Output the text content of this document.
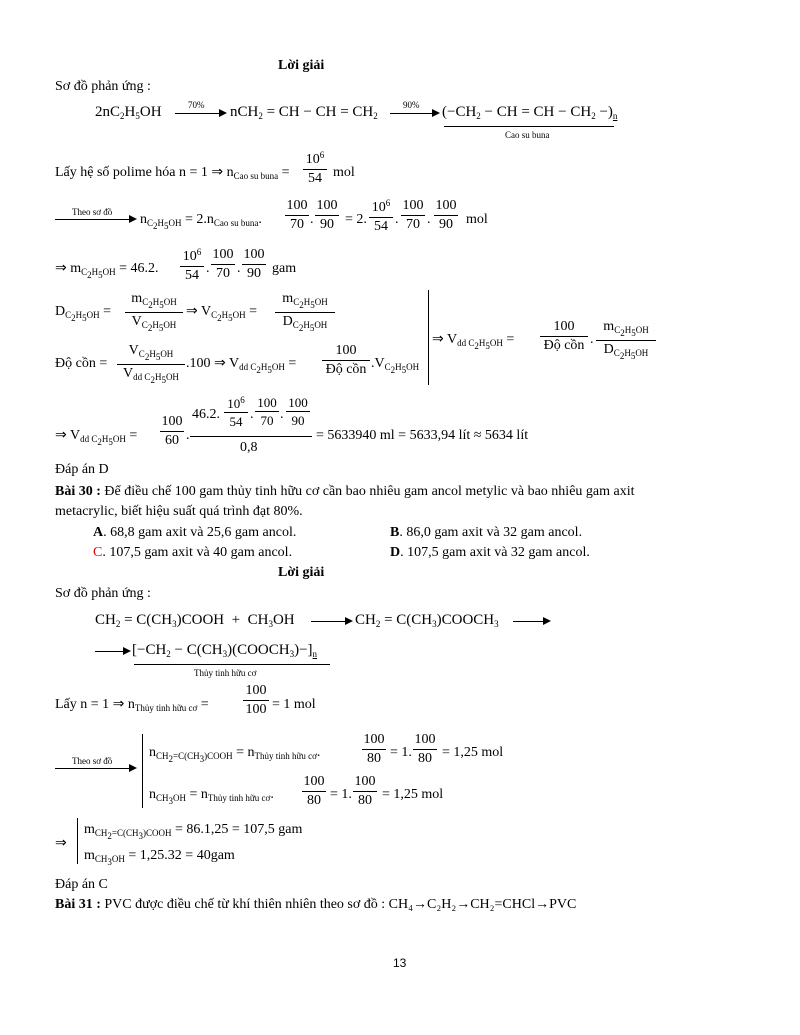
Lời giải
Sơ đồ phản ứng :
$2nC_2H_5OH$	70% nCH$_2$ = CH − CH = $CH_2$
90% ($-CH_2$ − CH = CH − $CH_2 -)_n$
Cao su buna
Lấy hệ số polime hóa n = 1 ⇒ $n_{Cao su buna} = \frac{10^6}{54}$ mol
Theo sơ đồ $n_{C_2H_5OH} = 2.n_{Cao su buna}$. $\frac{100}{70}$ . $\frac{100}{90} = 2$. $\frac{10^6}{54}$ . $\frac{100}{70}$ . $\frac{100}{90}$ mol
⇒ $m_{C_2H_5OH} = 46.2$. $\frac{10^6}{54}$ . $\frac{100}{70}$ . $\frac{100}{90}$ gam
$D_{C_2H_5OH} = \frac{m_{C_2H_5OH}}{V_{C_2H_5OH}}$ ⇒ $V_{C_2H_5OH} = \frac{m_{C_2H_5OH}}{D_{C_2H_5OH}}$
Độ cồn =
$V_{C_2H_5OH}$
$V_{dd C_2H_5OH}$
.100 ⇒ $V_{dd C_2H_5OH}$ =
100
Độ cồn $.V_{C_2H_5OH}$
⇒ $V_{dd C_2H_5OH}$ =
100
Độ cồn . $\frac{m_{C_2H_5OH}}{D_{C_2H_5OH}}$
⇒ $V_{dd C_2H_5OH} = \frac{100}{60}$ .
46.2. $\frac{10^6}{54}$ . $\frac{100}{70}$ . $\frac{100}{90}$
0,8
= 5633940 ml = 5633,94 lít ≈ 5634 lít
Đáp án D
Bài 30 : Để điều chế 100 gam thủy tinh hữu cơ cần bao nhiêu gam ancol metylic và bao nhiêu gam axit
metacrylic, biết hiệu suất quá trình đạt 80%.
A. 68,8 gam axit và 25,6 gam ancol.	B. 86,0 gam axit và 32 gam ancol.
C. 107,5 gam axit và 40 gam ancol.	D. 107,5 gam axit và 32 gam ancol.
Lời giải
Sơ đồ phản ứng :
$CH_2$ = $C(CH_3)COOH + CH_3OH$	$CH_2$ = $C(CH_3)COOCH_3$
[$-CH_2$ − $C(CH_3)(COOCH_3)-]_n$
Thủy tinh hữu cơ
Lấy n = 1 ⇒ $n_{Thủy tinh hữu cơ} = \frac{100}{100} = 1$ mol
Theo sơ đồ
$n_{CH_2=C(CH_3)COOH} = n_{Thủy tinh hữu cơ}$.	$\frac{100}{80} = 1$. $\frac{100}{80} = 1,25$ mol
$n_{CH_3OH} = n_{Thủy tinh hữu cơ}$. $\frac{100}{80} = 1$. $\frac{100}{80} = 1,25$ mol
⇒
$m_{CH_2=C(CH_3)COOH} = 86.1,25 = 107,5$ gam
$m_{CH_3OH} = 1,25.32 = 40gam$
Đáp án C
Bài 31 : PVC được điều chế từ khí thiên nhiên theo sơ đồ : CH₄→C₂H₂→CH₂=CHCl→PVC
13
